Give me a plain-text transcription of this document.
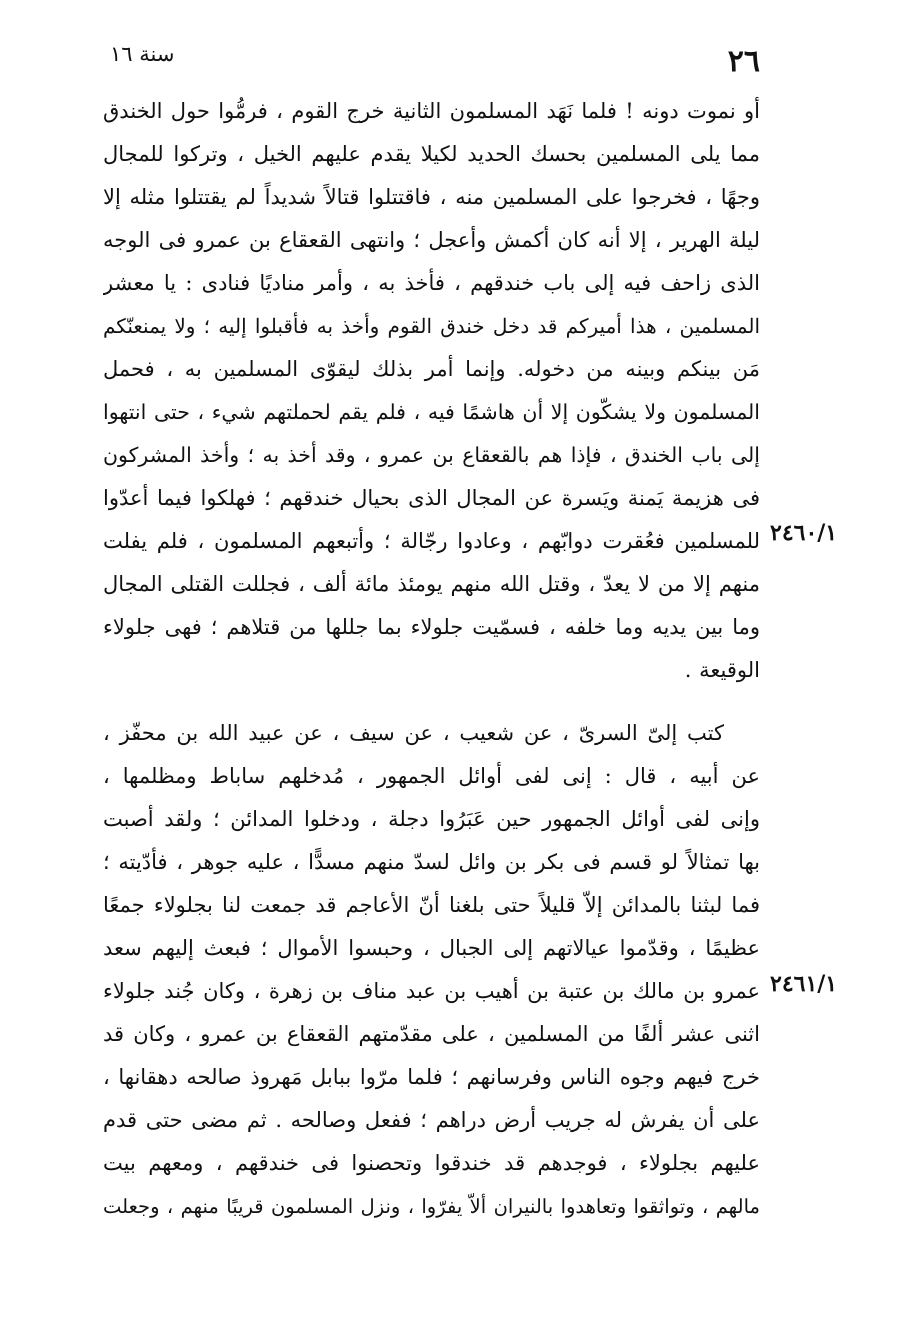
٢٦
سنة ١٦
٢٤٦٠/١
٢٤٦١/١
أو نموت دونه ! فلما نَهَد المسلمون الثانية خرج القوم ، فرمُّوا حول الخندق
مما يلى المسلمين بحسك الحديد لكيلا يقدم عليهم الخيل ، وتركوا للمجال
وجهًا ، فخرجوا على المسلمين منه ، فاقتتلوا قتالاً شديداً لم يقتتلوا مثله إلا
ليلة الهرير ، إلا أنه كان أكمش وأعجل ؛ وانتهى القعقاع بن عمرو فى الوجه
الذى زاحف فيه إلى باب خندقهم ، فأخذ به ، وأمر مناديًا فنادى : يا معشر
المسلمين ، هذا أميركم قد دخل خندق القوم وأخذ به فأقبلوا إليه ؛ ولا يمنعنّكم
مَن بينكم وبينه من دخوله. وإنما أمر بذلك ليقوّى المسلمين به ، فحمل
المسلمون ولا يشكّون إلا أن هاشمًا فيه ، فلم يقم لحملتهم شيء ، حتى انتهوا
إلى باب الخندق ، فإذا هم بالقعقاع بن عمرو ، وقد أخذ به ؛ وأخذ المشركون
فى هزيمة يَمنة ويَسرة عن المجال الذى بحيال خندقهم ؛ فهلكوا فيما أعدّوا
للمسلمين فعُقرت دوابّهم ، وعادوا رجّالة ؛ وأتبعهم المسلمون ، فلم يفلت
منهم إلا من لا يعدّ ، وقتل الله منهم يومئذ مائة ألف ، فجللت القتلى المجال
وما بين يديه وما خلفه ، فسمّيت جلولاء بما جللها من قتلاهم ؛ فهى جلولاء
الوقيعة .
كتب إلىّ السرىّ ، عن شعيب ، عن سيف ، عن عبيد الله بن محفّز ،
عن أبيه ، قال : إنى لفى أوائل الجمهور ، مُدخلهم ساباط ومظلمها ،
وإنى لفى أوائل الجمهور حين عَبَرُوا دجلة ، ودخلوا المدائن ؛ ولقد أصبت
بها تمثالاً لو قسم فى بكر بن وائل لسدّ منهم مسدًّا ، عليه جوهر ، فأدّيته ؛
فما لبثنا بالمدائن إلاّ قليلاً حتى بلغنا أنّ الأعاجم قد جمعت لنا بجلولاء جمعًا
عظيمًا ، وقدّموا عيالاتهم إلى الجبال ، وحبسوا الأموال ؛ فبعث إليهم سعد
عمرو بن مالك بن عتبة بن أهيب بن عبد مناف بن زهرة ، وكان جُند جلولاء
اثنى عشر ألفًا من المسلمين ، على مقدّمتهم القعقاع بن عمرو ، وكان قد
خرج فيهم وجوه الناس وفرسانهم ؛ فلما مرّوا ببابل مَهروذ صالحه دهقانها ،
على أن يفرش له جريب أرض دراهم ؛ ففعل وصالحه . ثم مضى حتى قدم
عليهم بجلولاء ، فوجدهم قد خندقوا وتحصنوا فى خندقهم ، ومعهم بيت
مالهم ، وتواثقوا وتعاهدوا بالنيران ألاّ يفرّوا ، ونزل المسلمون قريبًا منهم ، وجعلت
